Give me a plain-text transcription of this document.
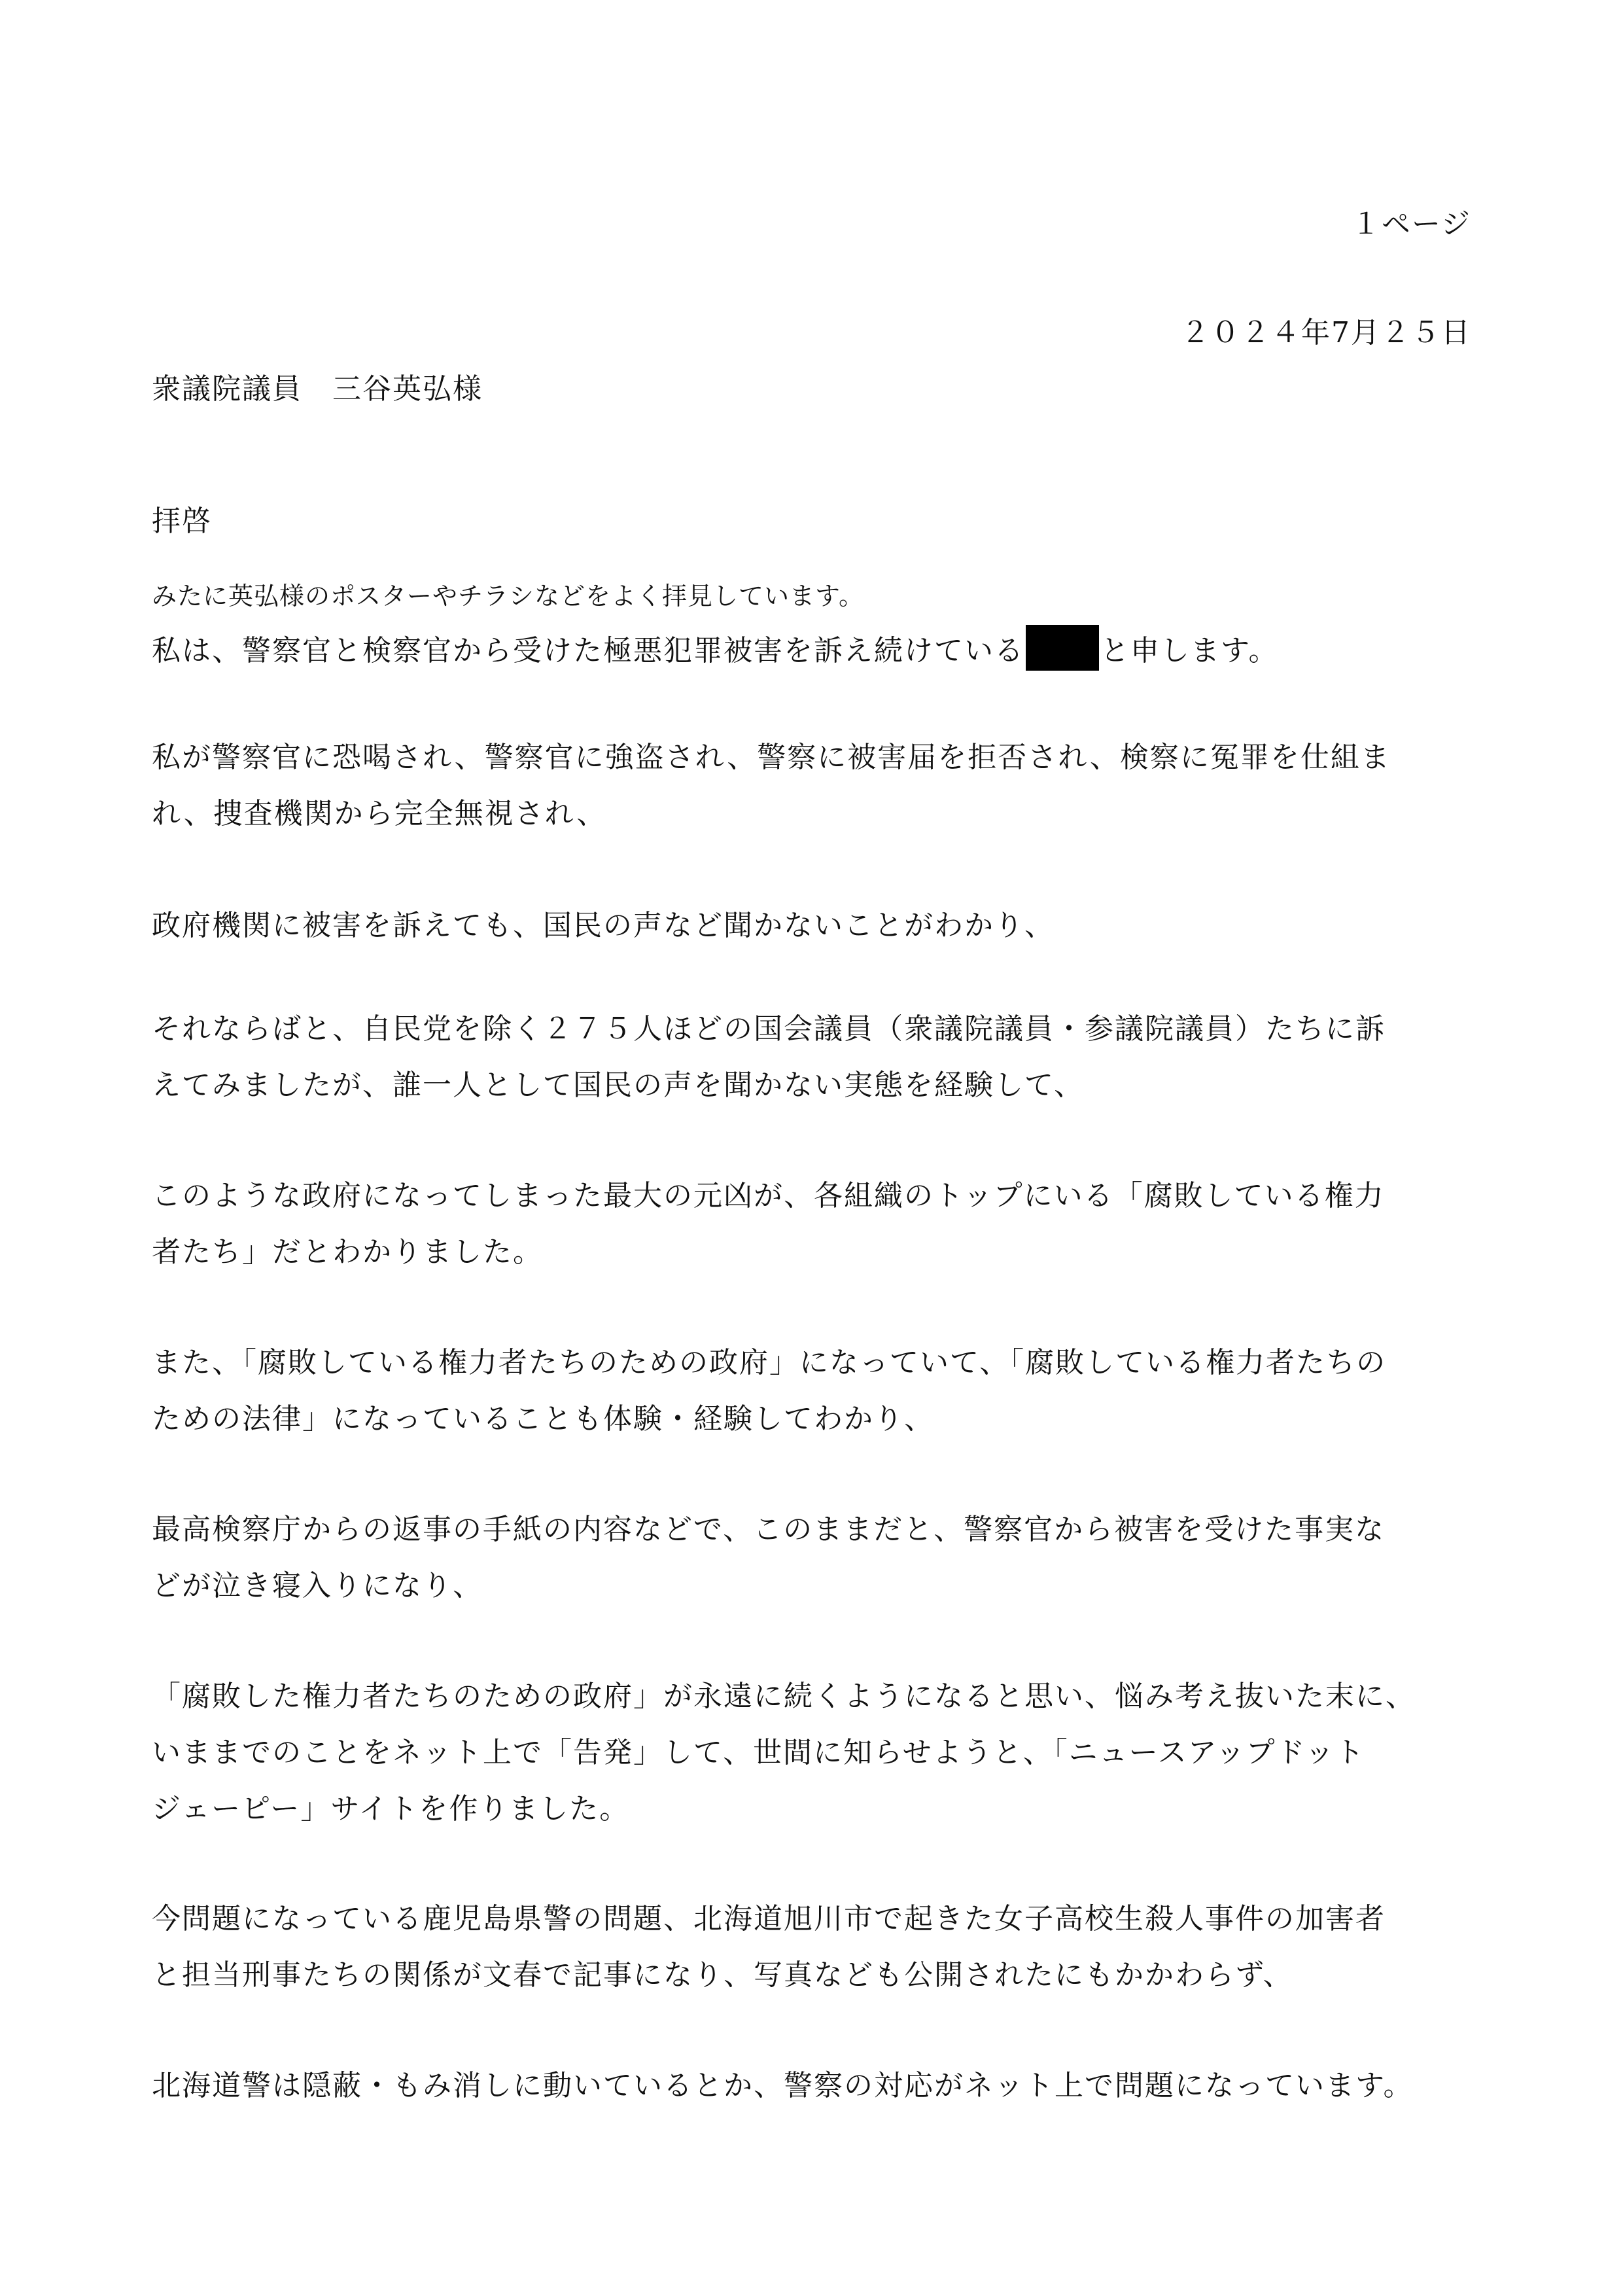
１ページ
２０２４年7月２５日
衆議院議員　三谷英弘様
拝啓
みたに英弘様のポスターやチラシなどをよく拝見しています。
私は、警察官と検察官から受けた極悪犯罪被害を訴え続けている	と申します。
私が警察官に恐喝され、警察官に強盗され、警察に被害届を拒否され、検察に冤罪を仕組ま
れ、捜査機関から完全無視され、
政府機関に被害を訴えても、国民の声など聞かないことがわかり、
それならばと、自民党を除く２７５人ほどの国会議員（衆議院議員・参議院議員）たちに訴
えてみましたが、誰一人として国民の声を聞かない実態を経験して、
このような政府になってしまった最大の元凶が、各組織のトップにいる「腐敗している権力
者たち」だとわかりました。
また、「腐敗している権力者たちのための政府」になっていて、「腐敗している権力者たちの
ための法律」になっていることも体験・経験してわかり、
最高検察庁からの返事の手紙の内容などで、このままだと、警察官から被害を受けた事実な
どが泣き寝入りになり、
「腐敗した権力者たちのための政府」が永遠に続くようになると思い、悩み考え抜いた末に、
いままでのことをネット上で「告発」して、世間に知らせようと、「ニュースアップドット
ジェーピー」サイトを作りました。
今問題になっている鹿児島県警の問題、北海道旭川市で起きた女子高校生殺人事件の加害者
と担当刑事たちの関係が文春で記事になり、写真なども公開されたにもかかわらず、
北海道警は隠蔽・もみ消しに動いているとか、警察の対応がネット上で問題になっています。
